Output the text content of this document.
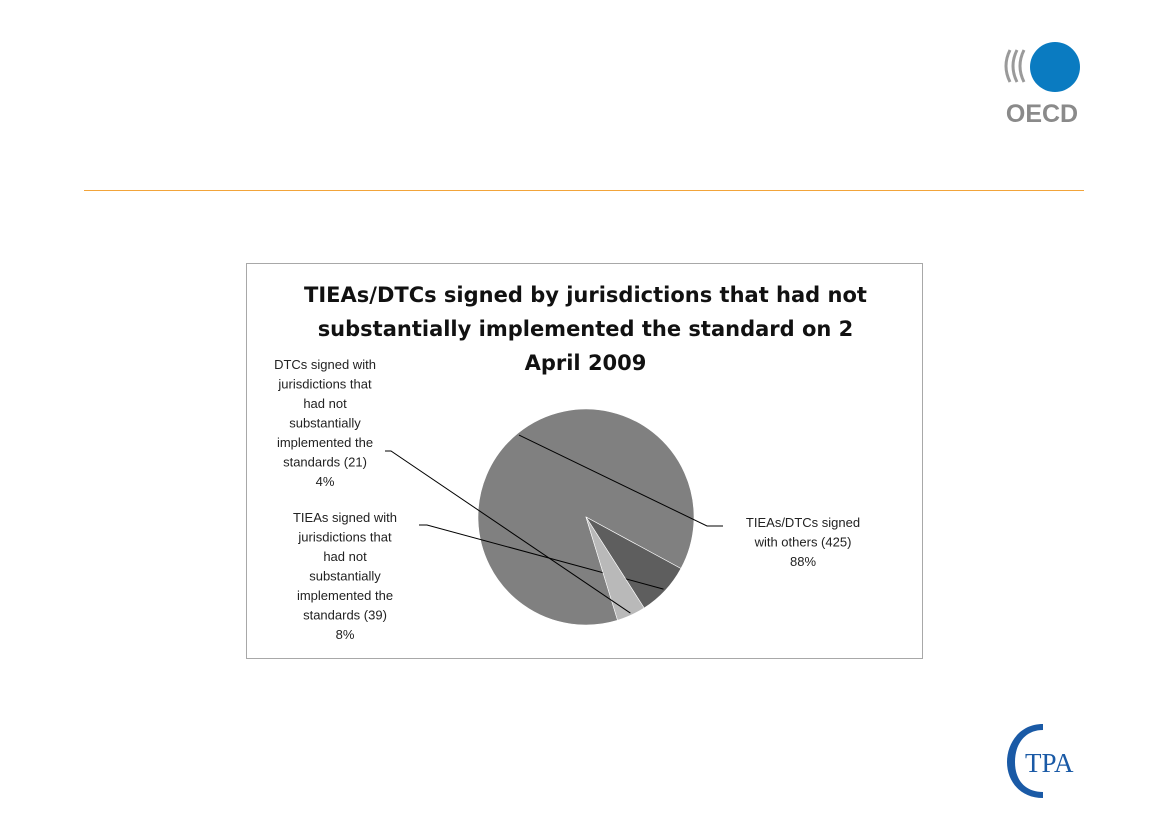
OECD
TIEAs/DTCs signed by jurisdictions that had not
substantially implemented the standard on 2
April 2009
TIEAs/DTCs signed with others (425) 88%
TIEAs signed with jurisdictions that had not substantially implemented the standards (39) 8%
DTCs signed with jurisdictions that had not substantially implemented the standards (21) 4%
TPA
